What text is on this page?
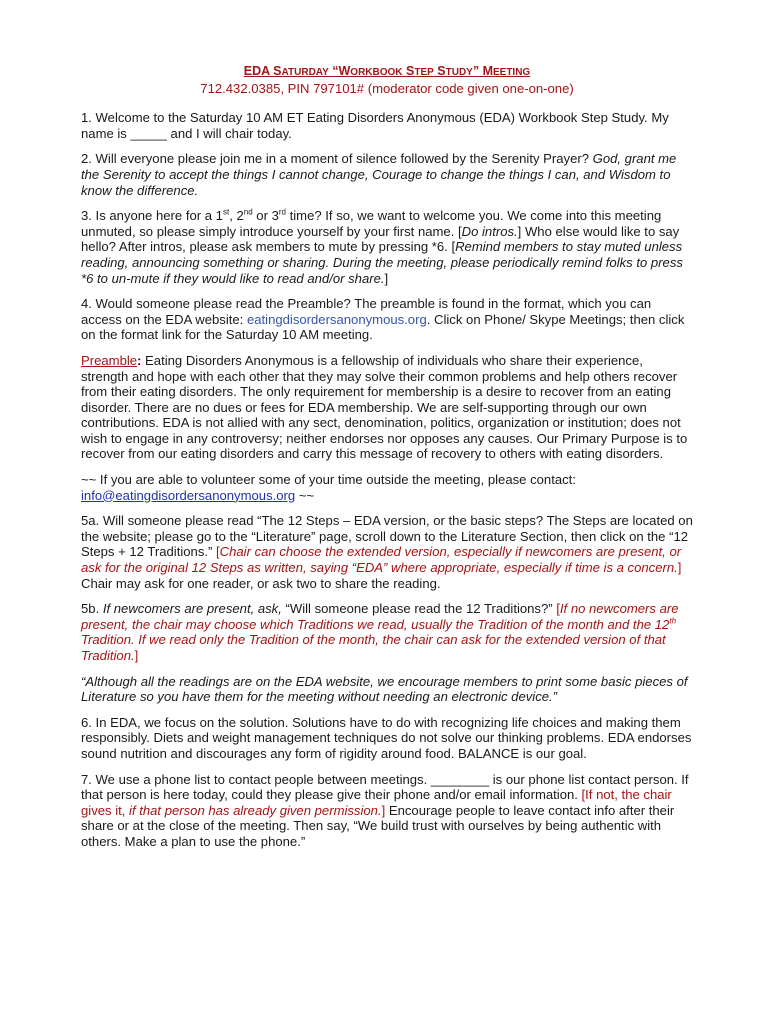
EDA SATURDAY “WORKBOOK STEP STUDY” MEETING
712.432.0385, PIN 797101# (moderator code given one-on-one)

1. Welcome to the Saturday 10 AM ET Eating Disorders Anonymous (EDA) Workbook Step Study. My name is _____ and I will chair today.

2. Will everyone please join me in a moment of silence followed by the Serenity Prayer? God, grant me the Serenity to accept the things I cannot change, Courage to change the things I can, and Wisdom to know the difference.

3. Is anyone here for a 1st, 2nd or 3rd time? If so, we want to welcome you. We come into this meeting unmuted, so please simply introduce yourself by your first name. [Do intros.] Who else would like to say hello? After intros, please ask members to mute by pressing *6. [Remind members to stay muted unless reading, announcing something or sharing. During the meeting, please periodically remind folks to press *6 to un-mute if they would like to read and/or share.]

4. Would someone please read the Preamble? The preamble is found in the format, which you can access on the EDA website: eatingdisordersanonymous.org. Click on Phone/ Skype Meetings; then click on the format link for the Saturday 10 AM meeting.

Preamble: Eating Disorders Anonymous is a fellowship of individuals who share their experience, strength and hope with each other that they may solve their common problems and help others recover from their eating disorders. The only requirement for membership is a desire to recover from an eating disorder. There are no dues or fees for EDA membership. We are self-supporting through our own contributions. EDA is not allied with any sect, denomination, politics, organization or institution; does not wish to engage in any controversy; neither endorses nor opposes any causes. Our Primary Purpose is to recover from our eating disorders and carry this message of recovery to others with eating disorders.

~~ If you are able to volunteer some of your time outside the meeting, please contact: info@eatingdisordersanonymous.org ~~

5a. Will someone please read “The 12 Steps – EDA version, or the basic steps? The Steps are located on the website; please go to the “Literature” page, scroll down to the Literature Section, then click on the “12 Steps + 12 Traditions.” [Chair can choose the extended version, especially if newcomers are present, or ask for the original 12 Steps as written, saying “EDA” where appropriate, especially if time is a concern.] Chair may ask for one reader, or ask two to share the reading.

5b. If newcomers are present, ask, “Will someone please read the 12 Traditions?” [If no newcomers are present, the chair may choose which Traditions we read, usually the Tradition of the month and the 12th Tradition. If we read only the Tradition of the month, the chair can ask for the extended version of that Tradition.]

“Although all the readings are on the EDA website, we encourage members to print some basic pieces of Literature so you have them for the meeting without needing an electronic device.”

6. In EDA, we focus on the solution. Solutions have to do with recognizing life choices and making them responsibly. Diets and weight management techniques do not solve our thinking problems. EDA endorses sound nutrition and discourages any form of rigidity around food. BALANCE is our goal.

7. We use a phone list to contact people between meetings. ________ is our phone list contact person. If that person is here today, could they please give their phone and/or email information. [If not, the chair gives it, if that person has already given permission.] Encourage people to leave contact info after their share or at the close of the meeting. Then say, “We build trust with ourselves by being authentic with others. Make a plan to use the phone.”
